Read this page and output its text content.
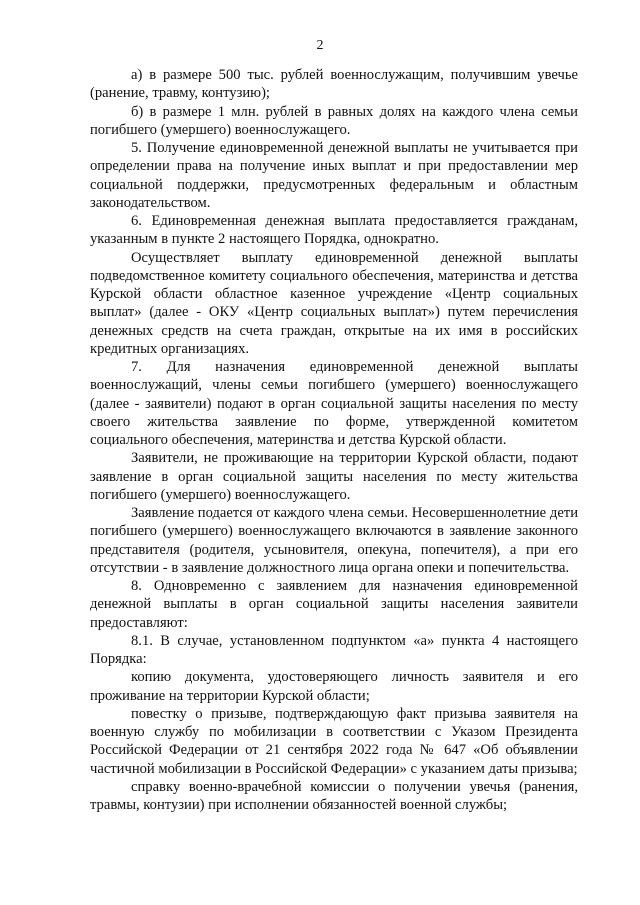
2

а) в размере 500 тыс. рублей военнослужащим, получившим увечье (ранение, травму, контузию);

б) в размере 1 млн. рублей в равных долях на каждого члена семьи погибшего (умершего) военнослужащего.

5. Получение единовременной денежной выплаты не учитывается при определении права на получение иных выплат и при предоставлении мер социальной поддержки, предусмотренных федеральным и областным законодательством.

6. Единовременная денежная выплата предоставляется гражданам, указанным в пункте 2 настоящего Порядка, однократно.

Осуществляет выплату единовременной денежной выплаты подведомственное комитету социального обеспечения, материнства и детства Курской области областное казенное учреждение «Центр социальных выплат» (далее - ОКУ «Центр социальных выплат») путем перечисления денежных средств на счета граждан, открытые на их имя в российских кредитных организациях.

7. Для назначения единовременной денежной выплаты военнослужащий, члены семьи погибшего (умершего) военнослужащего (далее - заявители) подают в орган социальной защиты населения по месту своего жительства заявление по форме, утвержденной комитетом социального обеспечения, материнства и детства Курской области.

Заявители, не проживающие на территории Курской области, подают заявление в орган социальной защиты населения по месту жительства погибшего (умершего) военнослужащего.

Заявление подается от каждого члена семьи. Несовершеннолетние дети погибшего (умершего) военнослужащего включаются в заявление законного представителя (родителя, усыновителя, опекуна, попечителя), а при его отсутствии - в заявление должностного лица органа опеки и попечительства.

8. Одновременно с заявлением для назначения единовременной денежной выплаты в орган социальной защиты населения заявители предоставляют:

8.1. В случае, установленном подпунктом «а» пункта 4 настоящего Порядка:

копию документа, удостоверяющего личность заявителя и его проживание на территории Курской области;

повестку о призыве, подтверждающую факт призыва заявителя на военную службу по мобилизации в соответствии с Указом Президента Российской Федерации от 21 сентября 2022 года № 647 «Об объявлении частичной мобилизации в Российской Федерации» с указанием даты призыва;

справку военно-врачебной комиссии о получении увечья (ранения, травмы, контузии) при исполнении обязанностей военной службы;
